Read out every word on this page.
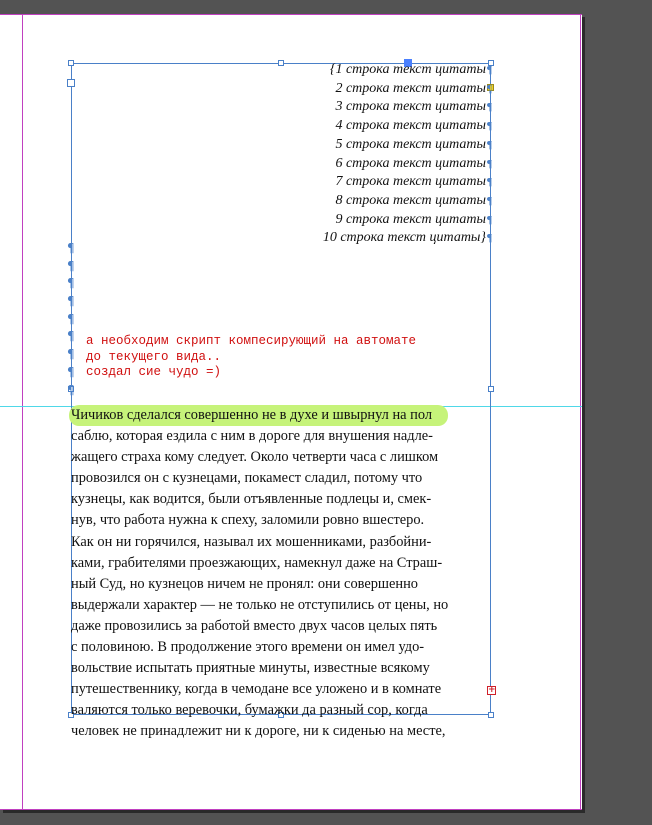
{1 строка текст цитаты¶
2 строка текст цитаты¶
3 строка текст цитаты¶
4 строка текст цитаты¶
5 строка текст цитаты¶
6 строка текст цитаты¶
7 строка текст цитаты¶
8 строка текст цитаты¶
9 строка текст цитаты¶
10 строка текст цитаты}¶
¶
¶
¶
¶
¶
¶
¶
¶
¶
а необходим скрипт компесирующий на автомате
до текущего вида..
создал сие чудо =)
Чичиков сделался совершенно не в духе и швырнул на пол
саблю, которая ездила с ним в дороге для внушения надле-
жащего страха кому следует. Около четверти часа с лишком
провозился он с кузнецами, покамест сладил, потому что
кузнецы, как водится, были отъявленные подлецы и, смек-
нув, что работа нужна к спеху, заломили ровно вшестеро.
Как он ни горячился, называл их мошенниками, разбойни-
ками, грабителями проезжающих, намекнул даже на Страш-
ный Суд, но кузнецов ничем не пронял: они совершенно
выдержали характер — не только не отступились от цены, но
даже провозились за работой вместо двух часов целых пять
с половиною. В продолжение этого времени он имел удо-
вольствие испытать приятные минуты, известные всякому
путешественнику, когда в чемодане все уложено и в комнате
валяются только веревочки, бумажки да разный сор, когда
человек не принадлежит ни к дороге, ни к сиденью на месте,
+
